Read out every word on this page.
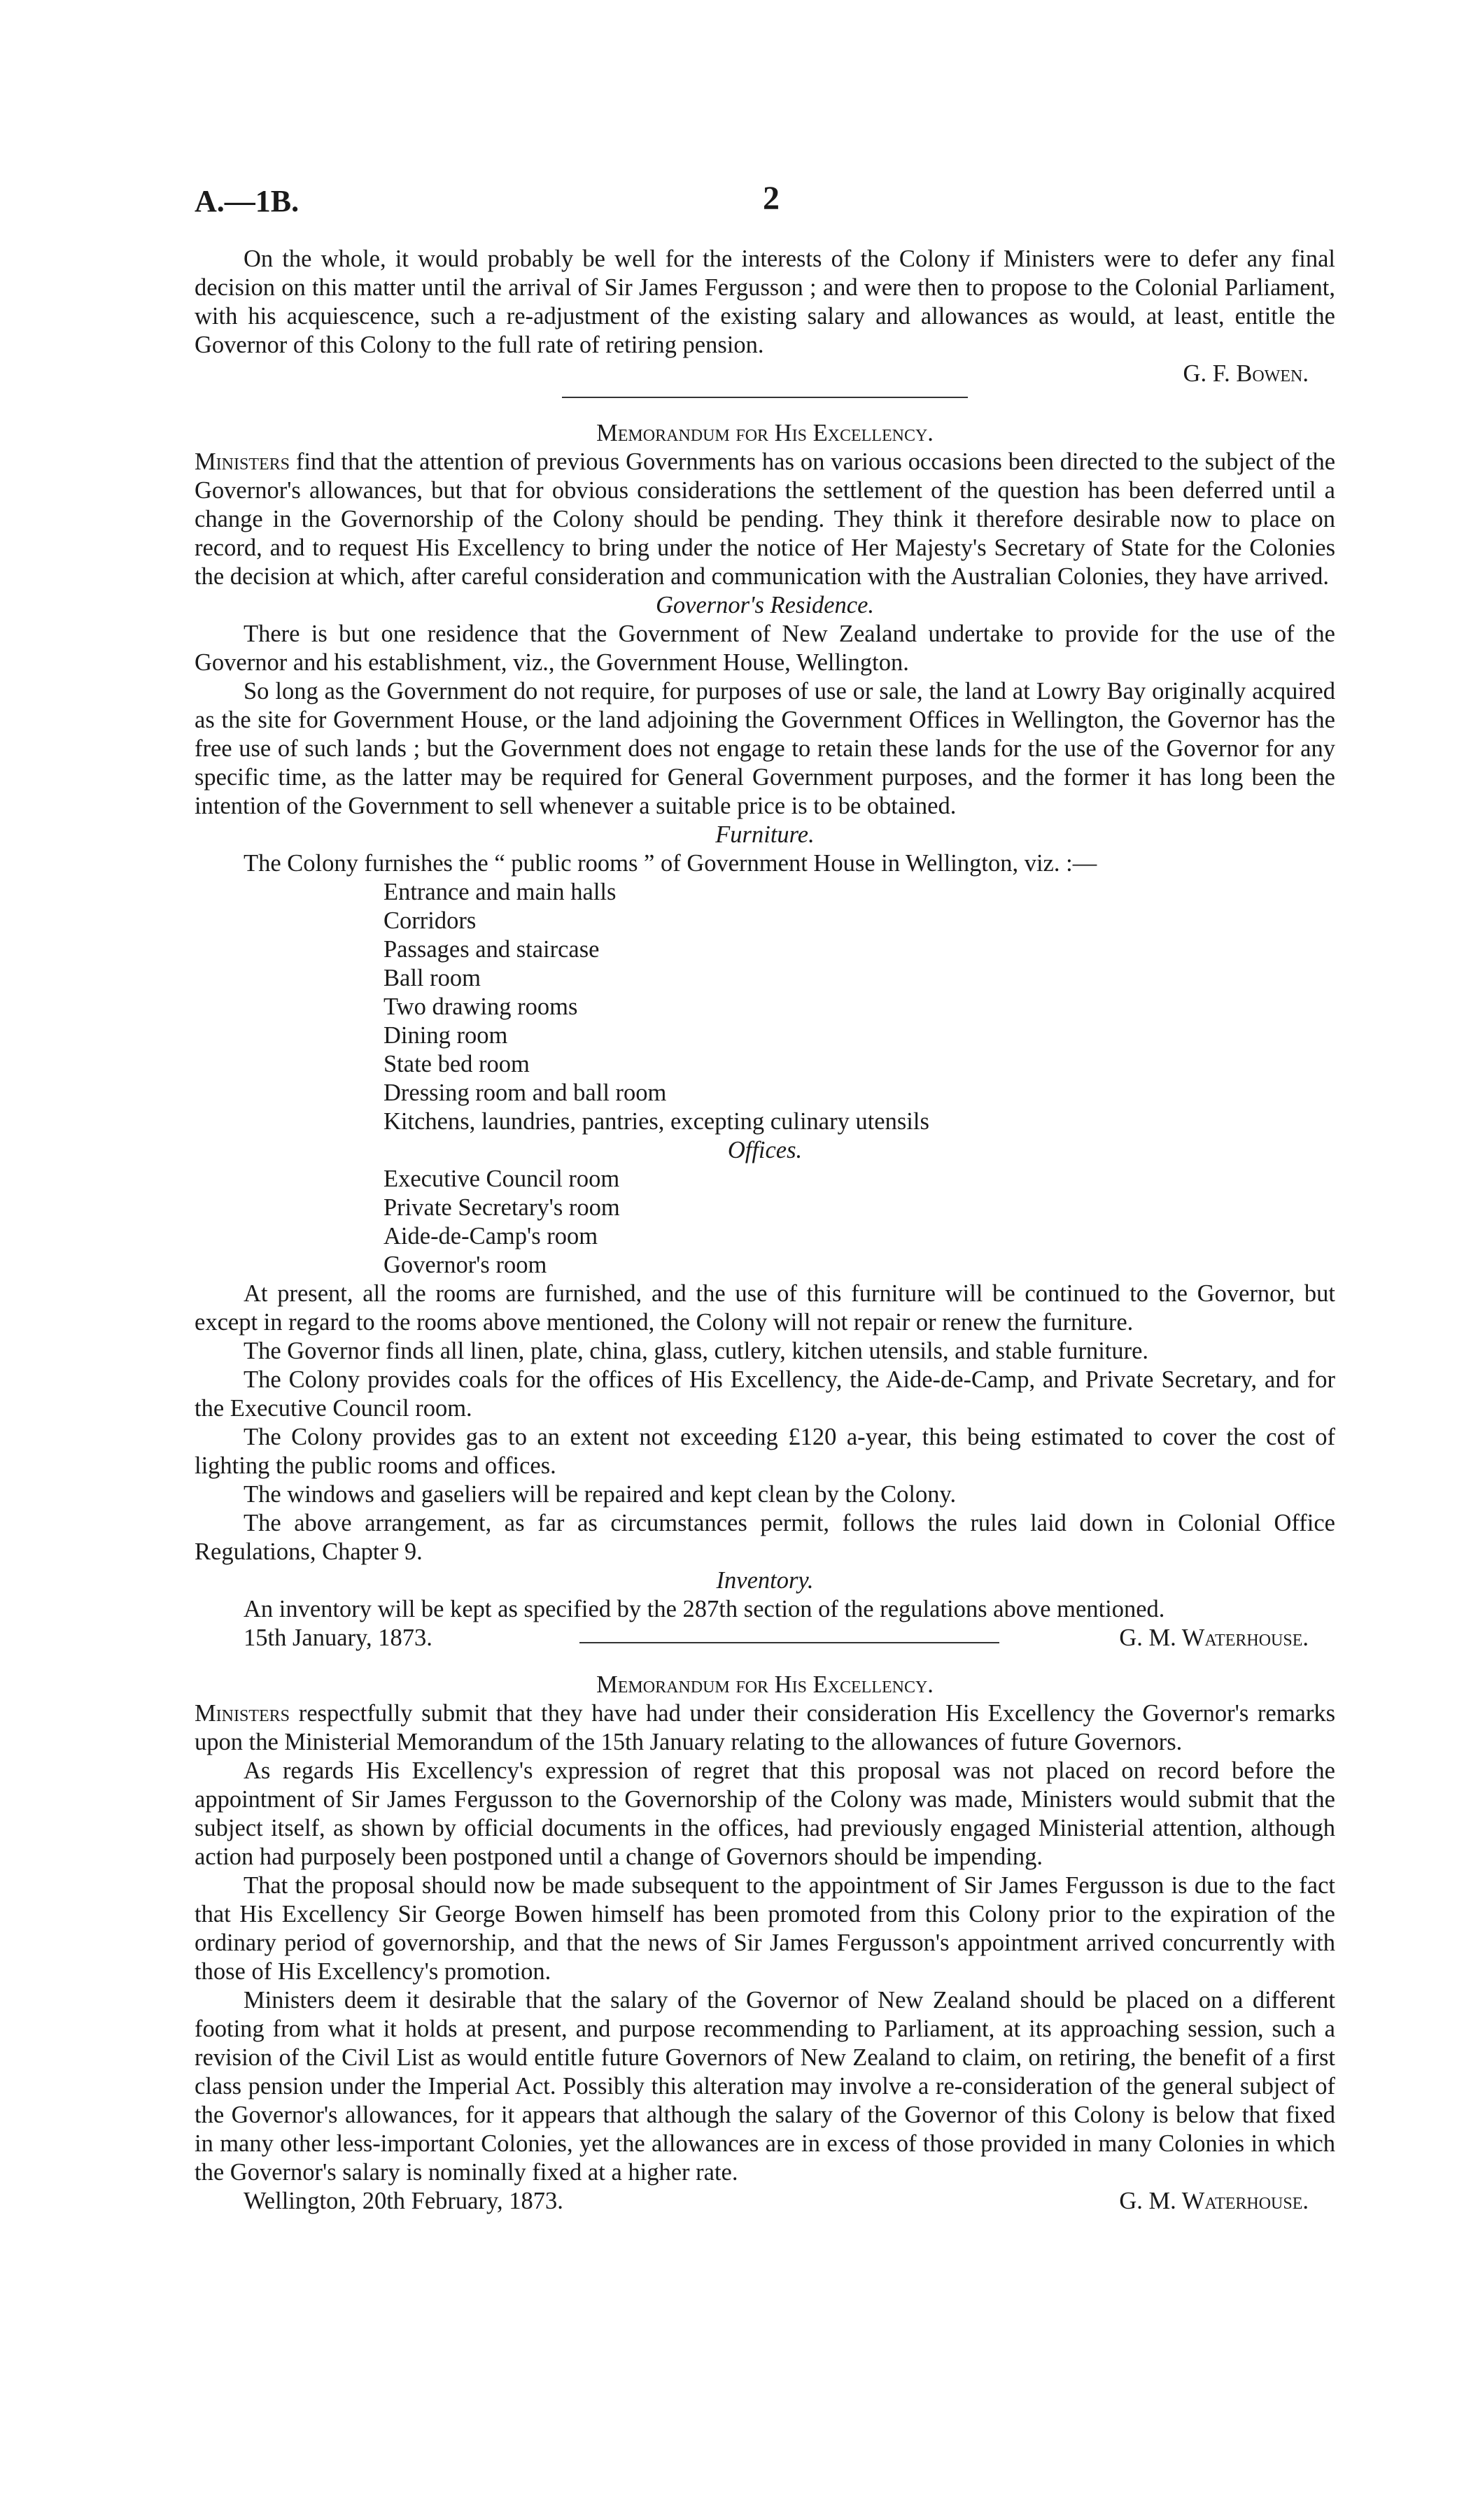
A.—1B.	2

On the whole, it would probably be well for the interests of the Colony if Ministers were to defer any final decision on this matter until the arrival of Sir James Fergusson ; and were then to propose to the Colonial Parliament, with his acquiescence, such a re-adjustment of the existing salary and allowances as would, at least, entitle the Governor of this Colony to the full rate of retiring pension.

G. F. Bowen.

Memorandum for His Excellency.

Ministers find that the attention of previous Governments has on various occasions been directed to the subject of the Governor's allowances, but that for obvious considerations the settlement of the question has been deferred until a change in the Governorship of the Colony should be pending. They think it therefore desirable now to place on record, and to request His Excellency to bring under the notice of Her Majesty's Secretary of State for the Colonies the decision at which, after careful consideration and communication with the Australian Colonies, they have arrived.

Governor's Residence.

There is but one residence that the Government of New Zealand undertake to provide for the use of the Governor and his establishment, viz., the Government House, Wellington.

So long as the Government do not require, for purposes of use or sale, the land at Lowry Bay originally acquired as the site for Government House, or the land adjoining the Government Offices in Wellington, the Governor has the free use of such lands ; but the Government does not engage to retain these lands for the use of the Governor for any specific time, as the latter may be required for General Government purposes, and the former it has long been the intention of the Government to sell whenever a suitable price is to be obtained.

Furniture.

The Colony furnishes the “ public rooms ” of Government House in Wellington, viz. :—

Entrance and main halls
Corridors
Passages and staircase
Ball room
Two drawing rooms
Dining room
State bed room
Dressing room and ball room
Kitchens, laundries, pantries, excepting culinary utensils

Offices.

Executive Council room
Private Secretary's room
Aide-de-Camp's room
Governor's room

At present, all the rooms are furnished, and the use of this furniture will be continued to the Governor, but except in regard to the rooms above mentioned, the Colony will not repair or renew the furniture.

The Governor finds all linen, plate, china, glass, cutlery, kitchen utensils, and stable furniture.

The Colony provides coals for the offices of His Excellency, the Aide-de-Camp, and Private Secretary, and for the Executive Council room.

The Colony provides gas to an extent not exceeding £120 a-year, this being estimated to cover the cost of lighting the public rooms and offices.

The windows and gaseliers will be repaired and kept clean by the Colony.

The above arrangement, as far as circumstances permit, follows the rules laid down in Colonial Office Regulations, Chapter 9.

Inventory.

An inventory will be kept as specified by the 287th section of the regulations above mentioned.

15th January, 1873.	G. M. Waterhouse.

Memorandum for His Excellency.

Ministers respectfully submit that they have had under their consideration His Excellency the Governor's remarks upon the Ministerial Memorandum of the 15th January relating to the allowances of future Governors.

As regards His Excellency's expression of regret that this proposal was not placed on record before the appointment of Sir James Fergusson to the Governorship of the Colony was made, Ministers would submit that the subject itself, as shown by official documents in the offices, had previously engaged Ministerial attention, although action had purposely been postponed until a change of Governors should be impending.

That the proposal should now be made subsequent to the appointment of Sir James Fergusson is due to the fact that His Excellency Sir George Bowen himself has been promoted from this Colony prior to the expiration of the ordinary period of governorship, and that the news of Sir James Fergusson's appointment arrived concurrently with those of His Excellency's promotion.

Ministers deem it desirable that the salary of the Governor of New Zealand should be placed on a different footing from what it holds at present, and purpose recommending to Parliament, at its approaching session, such a revision of the Civil List as would entitle future Governors of New Zealand to claim, on retiring, the benefit of a first class pension under the Imperial Act. Possibly this alteration may involve a re-consideration of the general subject of the Governor's allowances, for it appears that although the salary of the Governor of this Colony is below that fixed in many other less-important Colonies, yet the allowances are in excess of those provided in many Colonies in which the Governor's salary is nominally fixed at a higher rate.

Wellington, 20th February, 1873.	G. M. Waterhouse.
